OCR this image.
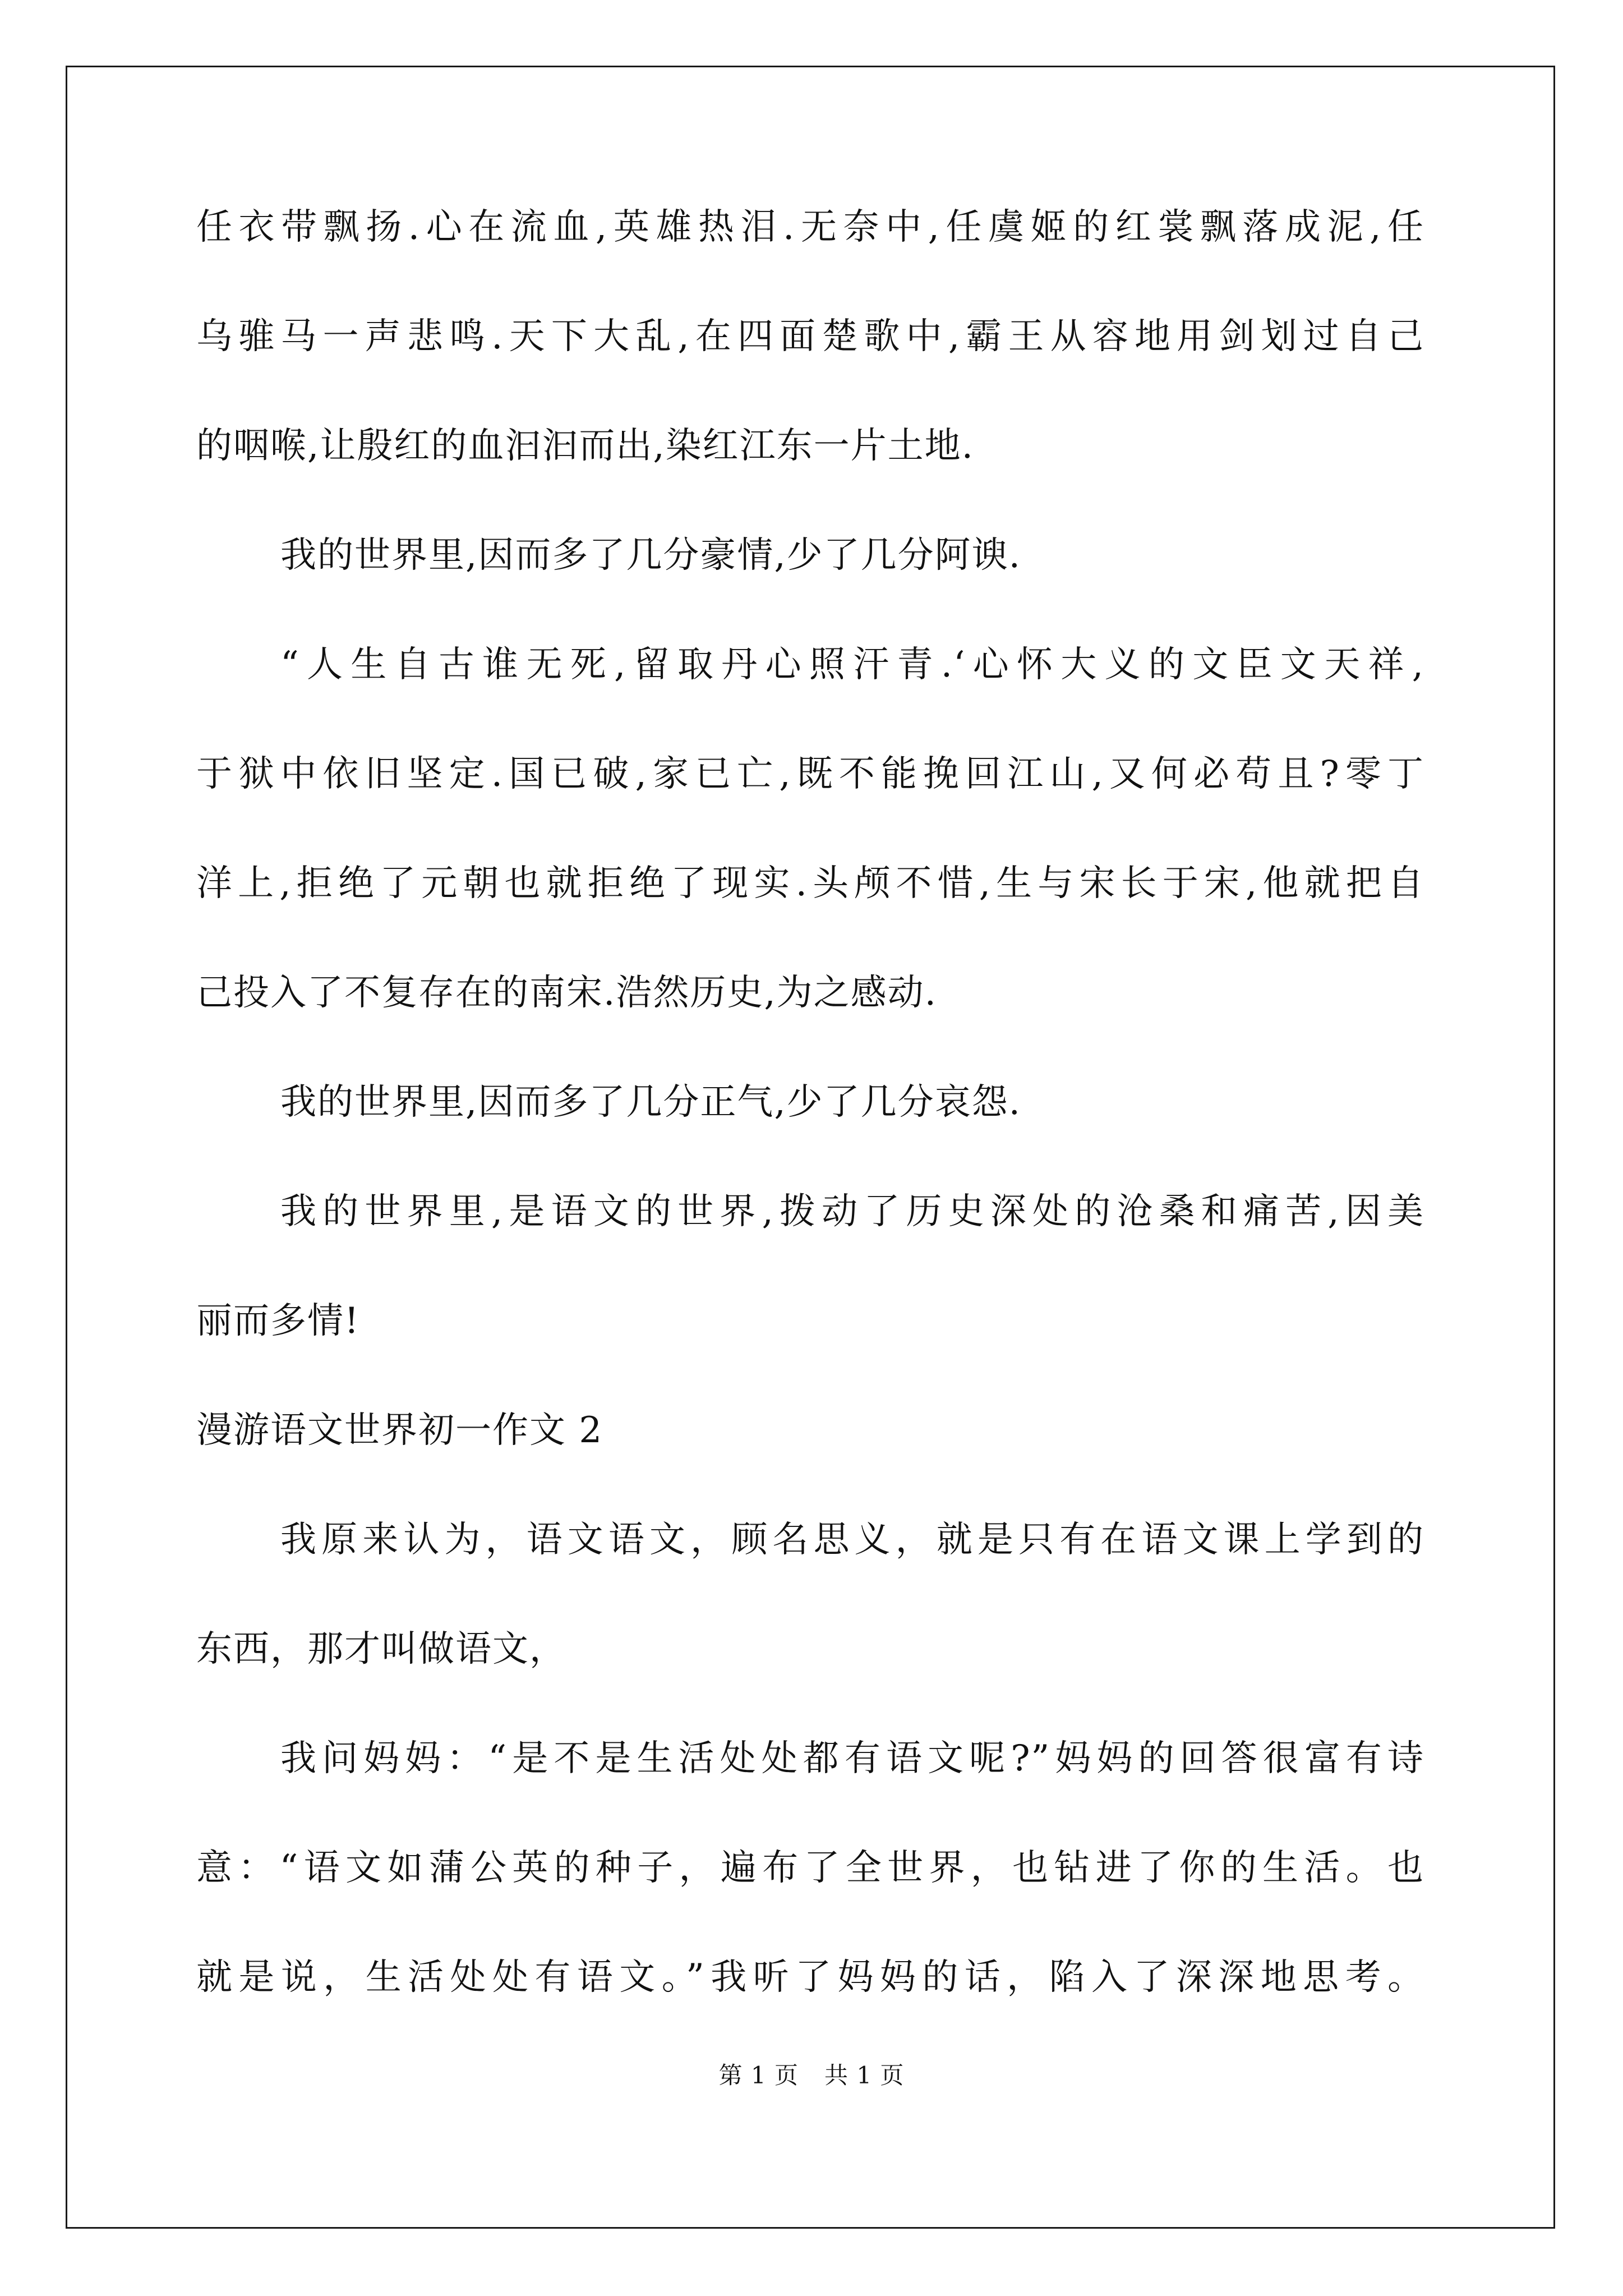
任衣带飘扬.心在流血,英雄热泪.无奈中,任虞姬的红裳飘落成泥,任
乌骓马一声悲鸣.天下大乱,在四面楚歌中,霸王从容地用剑划过自己
的咽喉,让殷红的血汩汩而出,染红江东一片土地.
我的世界里,因而多了几分豪情,少了几分阿谀.
“人生自古谁无死,留取丹心照汗青.‘心怀大义的文臣文天祥,
于狱中依旧坚定.国已破,家已亡,既不能挽回江山,又何必苟且?零丁
洋上,拒绝了元朝也就拒绝了现实.头颅不惜,生与宋长于宋,他就把自
己投入了不复存在的南宋.浩然历史,为之感动.
我的世界里,因而多了几分正气,少了几分哀怨.
我的世界里,是语文的世界,拨动了历史深处的沧桑和痛苦,因美
丽而多情!
漫游语文世界初一作文 2
我原来认为，语文语文，顾名思义，就是只有在语文课上学到的
东西，那才叫做语文，
我问妈妈：“是不是生活处处都有语文呢?”妈妈的回答很富有诗
意：“语文如蒲公英的种子，遍布了全世界，也钻进了你的生活。也
就是说，生活处处有语文。”我听了妈妈的话，陷入了深深地思考。
第 1 页 共 1 页
